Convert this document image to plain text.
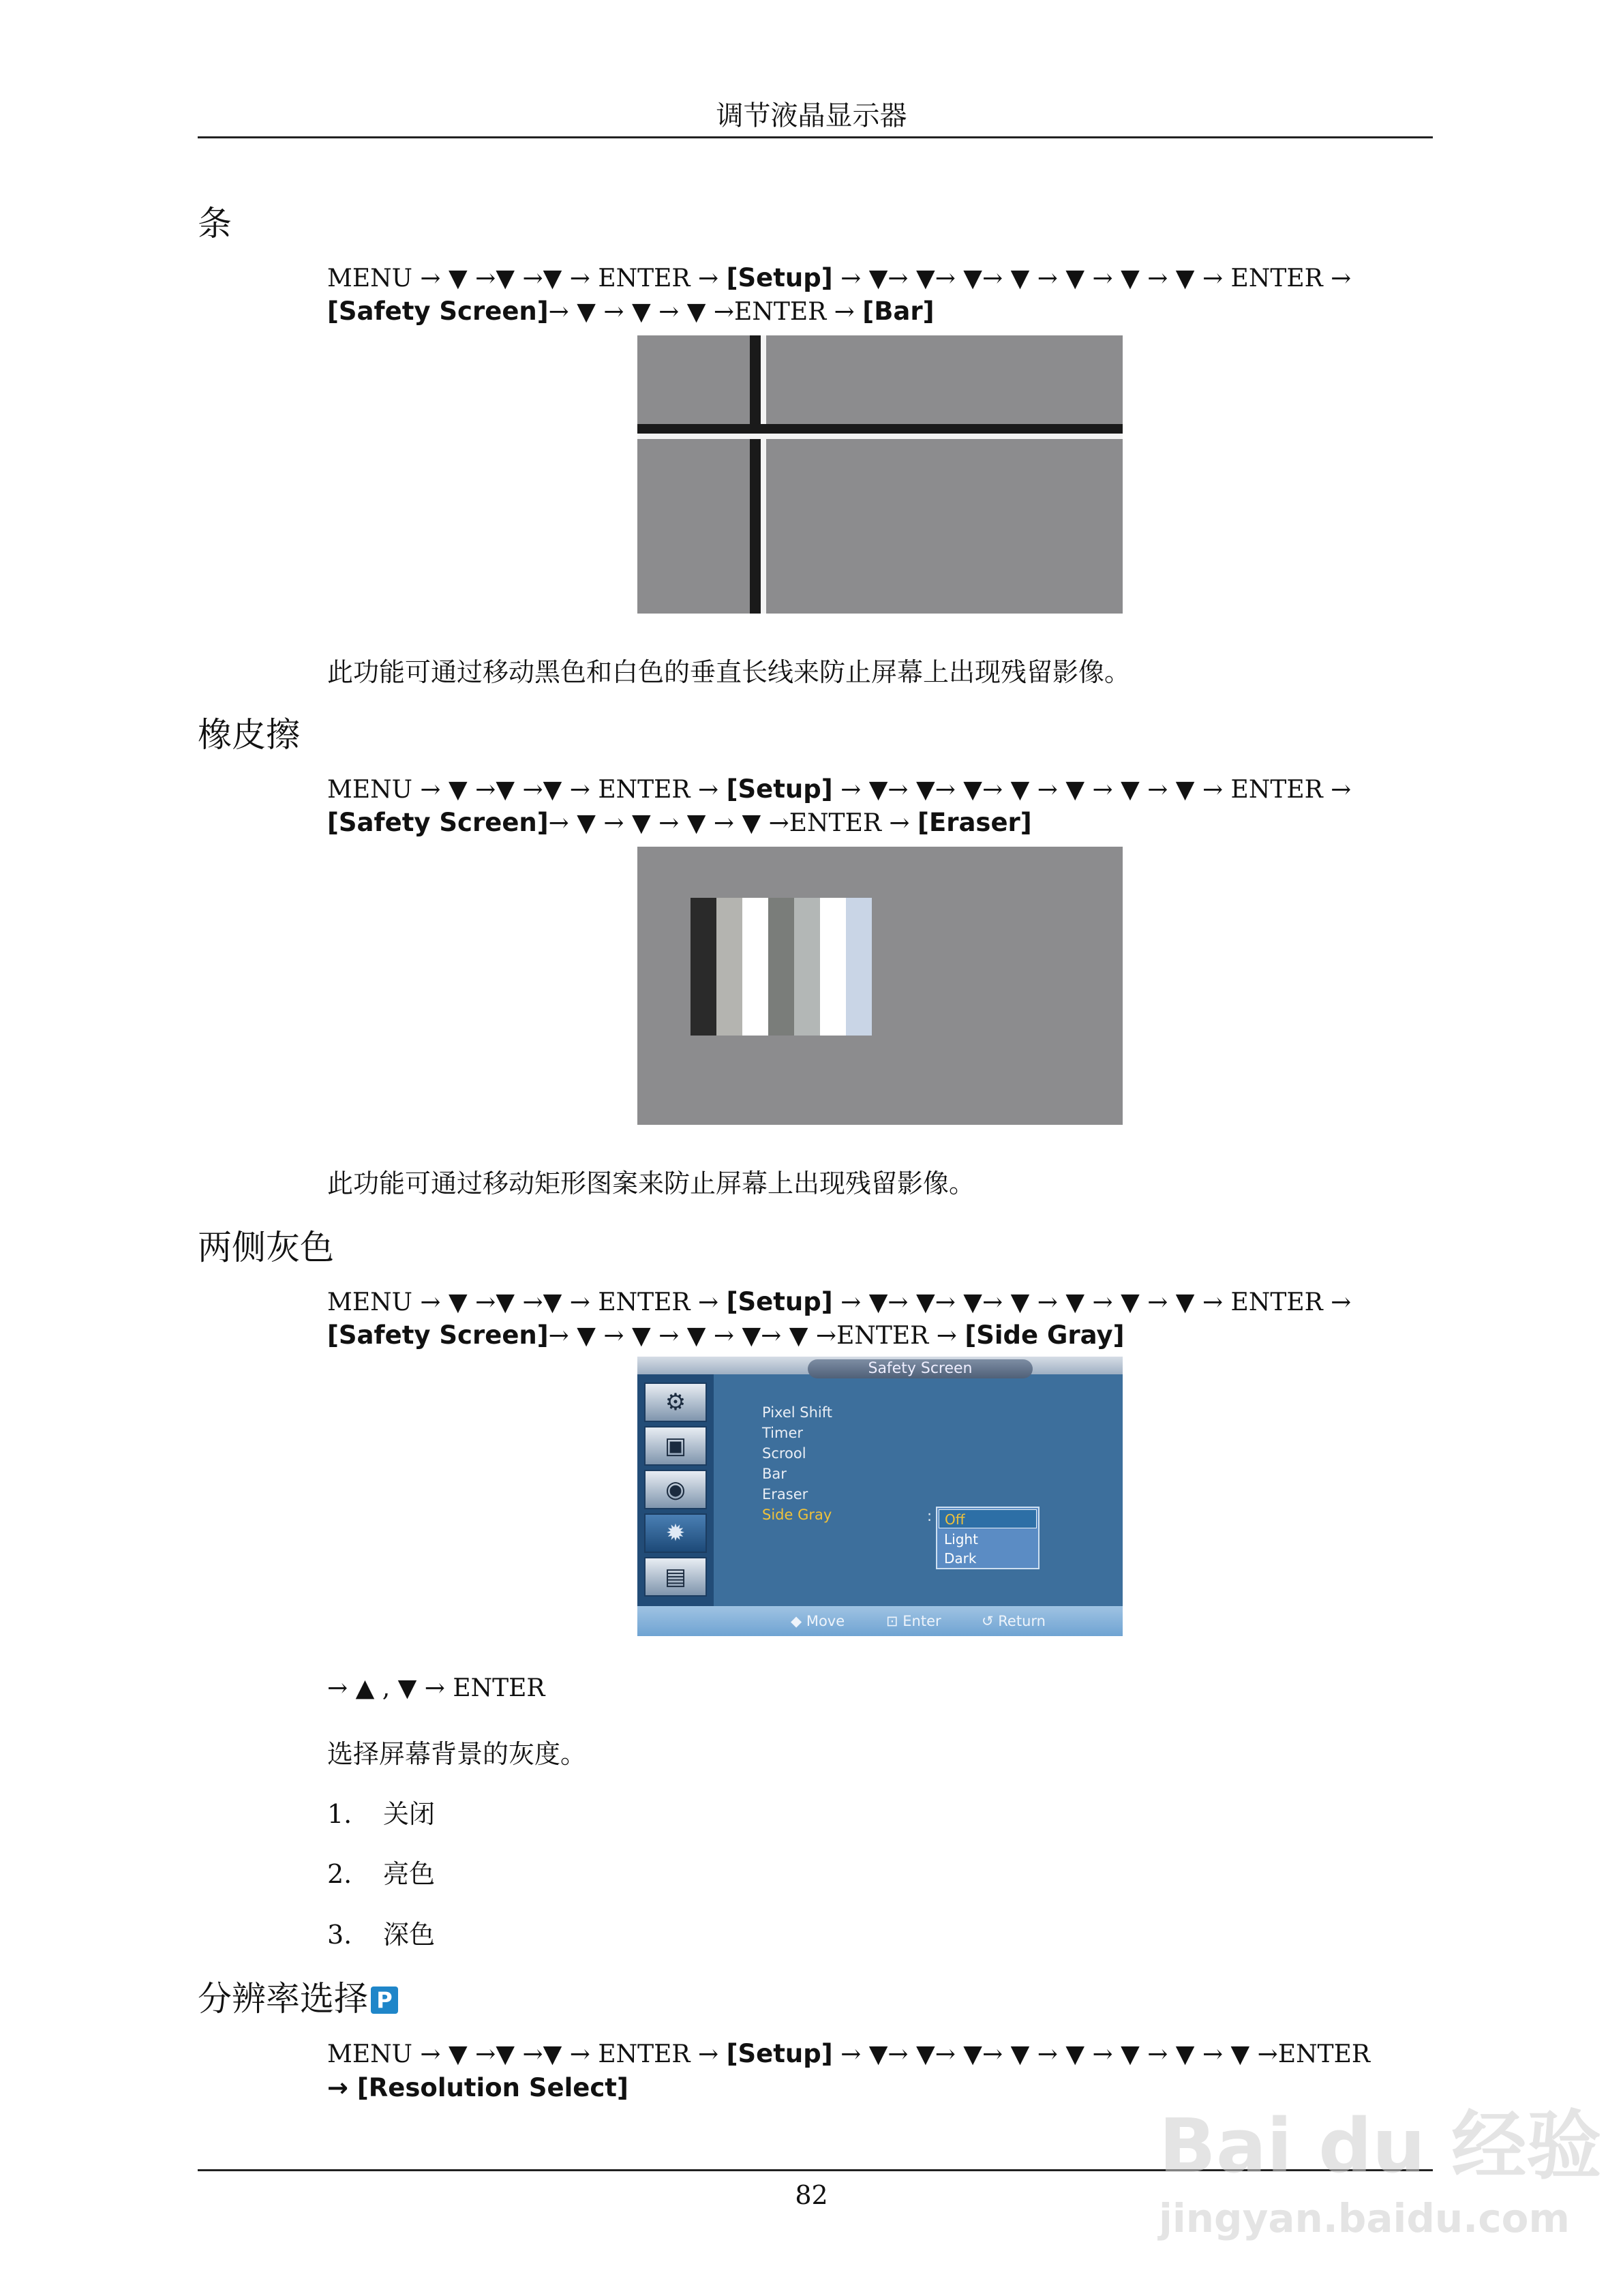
调节液晶显示器
条
MENU → ▼ →▼ →▼ → ENTER → [Setup] → ▼→ ▼→ ▼→ ▼ → ▼ → ▼ → ▼ → ENTER →
[Safety Screen]→ ▼ → ▼ → ▼ →ENTER → [Bar]
此功能可通过移动黑色和白色的垂直长线来防止屏幕上出现残留影像。
橡皮擦
MENU → ▼ →▼ →▼ → ENTER → [Setup] → ▼→ ▼→ ▼→ ▼ → ▼ → ▼ → ▼ → ENTER →
[Safety Screen]→ ▼ → ▼ → ▼ → ▼ →ENTER → [Eraser]
此功能可通过移动矩形图案来防止屏幕上出现残留影像。
两侧灰色
MENU → ▼ →▼ →▼ → ENTER → [Setup] → ▼→ ▼→ ▼→ ▼ → ▼ → ▼ → ▼ → ENTER →
[Safety Screen]→ ▼ → ▼ → ▼ → ▼→ ▼ →ENTER → [Side Gray]
Safety Screen
⚙
▣
◉
✹
▤
Pixel Shift
Timer
Scrool
Bar
Eraser
Side Gray	: Off
Light
Dark
◆ Move	⊡ Enter	↺ Return
→ ▲ , ▼ → ENTER
选择屏幕背景的灰度。
1. 关闭
2. 亮色
3. 深色
分辨率选择 P
MENU → ▼ →▼ →▼ → ENTER → [Setup] → ▼→ ▼→ ▼→ ▼ → ▼ → ▼ → ▼ → ▼ →ENTER
→ [Resolution Select]
82
Bai du 经验
jingyan.baidu.com
